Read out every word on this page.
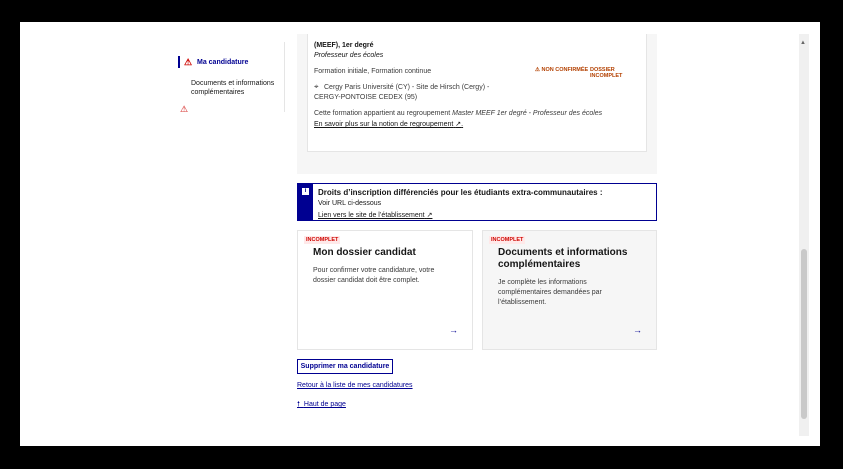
⚠ Ma candidature
⚠
Documents et informations complémentaires
(MEEF), 1er degré
Professeur des écoles
Formation initiale, Formation continue	⚠ NON CONFIRMÉE DOSSIER INCOMPLET
⌖ Cergy Paris Université (CY) - Site de Hirsch (Cergy) -
CERGY-PONTOISE CEDEX (95)
Cette formation appartient au regroupement Master MEEF 1er degré - Professeur des écoles
En savoir plus sur la notion de regroupement ↗.
i	Droits d’inscription différenciés pour les étudiants extra-communautaires :
Voir URL ci-dessous
Lien vers le site de l’établissement ↗
INCOMPLET
Mon dossier candidat
Pour confirmer votre candidature, votre dossier candidat doit être complet.
→
INCOMPLET
Documents et informations complémentaires
Je complète les informations complémentaires demandées par l’établissement.
→
Supprimer ma candidature
Retour à la liste de mes candidatures
🠕 Haut de page
▲
